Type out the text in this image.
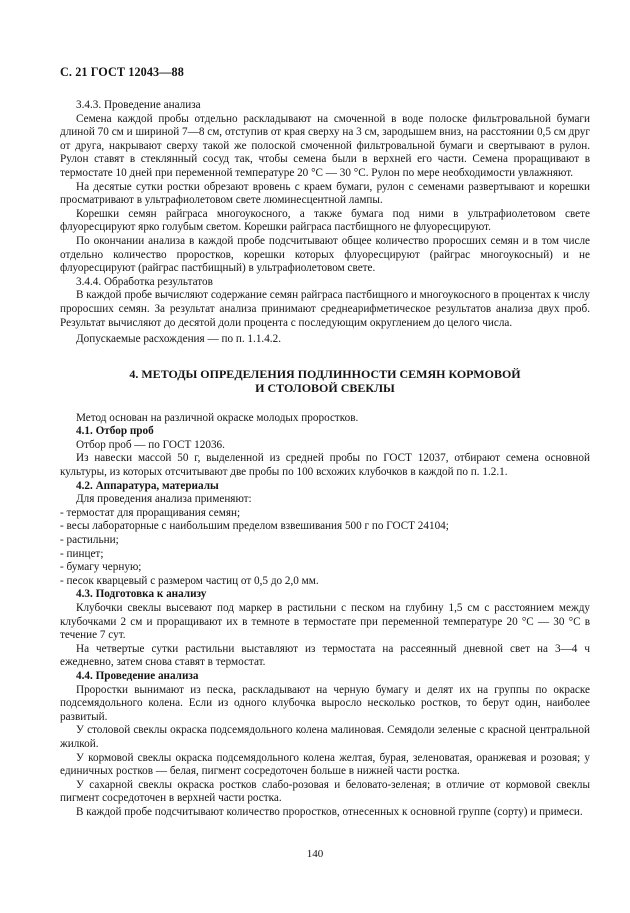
С. 21 ГОСТ 12043—88

3.4.3. Проведение анализа

Семена каждой пробы отдельно раскладывают на смоченной в воде полоске фильтровальной бумаги длиной 70 см и шириной 7—8 см, отступив от края сверху на 3 см, зародышем вниз, на расстоянии 0,5 см друг от друга, накрывают сверху такой же полоской смоченной фильтровальной бумаги и свертывают в рулон. Рулон ставят в стеклянный сосуд так, чтобы семена были в верхней его части. Семена проращивают в термостате 10 дней при переменной температуре 20 °С — 30 °С. Рулон по мере необходимости увлажняют.

На десятые сутки ростки обрезают вровень с краем бумаги, рулон с семенами развертывают и корешки просматривают в ультрафиолетовом свете люминесцентной лампы.

Корешки семян райграса многоукосного, а также бумага под ними в ультрафиолетовом свете флуоресцируют ярко голубым светом. Корешки райграса пастбищного не флуоресцируют.

По окончании анализа в каждой пробе подсчитывают общее количество проросших семян и в том числе отдельно количество проростков, корешки которых флуоресцируют (райграс многоукосный) и не флуоресцируют (райграс пастбищный) в ультрафиолетовом свете.

3.4.4. Обработка результатов

В каждой пробе вычисляют содержание семян райграса пастбищного и многоукосного в процентах к числу проросших семян. За результат анализа принимают среднеарифметическое результатов анализа двух проб. Результат вычисляют до десятой доли процента с последующим округлением до целого числа.

Допускаемые расхождения — по п. 1.1.4.2.

4. МЕТОДЫ ОПРЕДЕЛЕНИЯ ПОДЛИННОСТИ СЕМЯН КОРМОВОЙ
И СТОЛОВОЙ СВЕКЛЫ

Метод основан на различной окраске молодых проростков.

4.1. Отбор проб

Отбор проб — по ГОСТ 12036.

Из навески массой 50 г, выделенной из средней пробы по ГОСТ 12037, отбирают семена основной культуры, из которых отсчитывают две пробы по 100 всхожих клубочков в каждой по п. 1.2.1.

4.2. Аппаратура, материалы

Для проведения анализа применяют:

- термостат для проращивания семян;

- весы лабораторные с наибольшим пределом взвешивания 500 г по ГОСТ 24104;

- растильни;

- пинцет;

- бумагу черную;

- песок кварцевый с размером частиц от 0,5 до 2,0 мм.

4.3. Подготовка к анализу

Клубочки свеклы высевают под маркер в растильни с песком на глубину 1,5 см с расстоянием между клубочками 2 см и проращивают их в темноте в термостате при переменной температуре 20 °С — 30 °С в течение 7 сут.

На четвертые сутки растильни выставляют из термостата на рассеянный дневной свет на 3—4 ч ежедневно, затем снова ставят в термостат.

4.4. Проведение анализа

Проростки вынимают из песка, раскладывают на черную бумагу и делят их на группы по окраске подсемядольного колена. Если из одного клубочка выросло несколько ростков, то берут один, наиболее развитый.

У столовой свеклы окраска подсемядольного колена малиновая. Семядоли зеленые с красной центральной жилкой.

У кормовой свеклы окраска подсемядольного колена желтая, бурая, зеленоватая, оранжевая и розовая; у единичных ростков — белая, пигмент сосредоточен больше в нижней части ростка.

У сахарной свеклы окраска ростков слабо-розовая и беловато-зеленая; в отличие от кормовой свеклы пигмент сосредоточен в верхней части ростка.

В каждой пробе подсчитывают количество проростков, отнесенных к основной группе (сорту) и примеси.

140
